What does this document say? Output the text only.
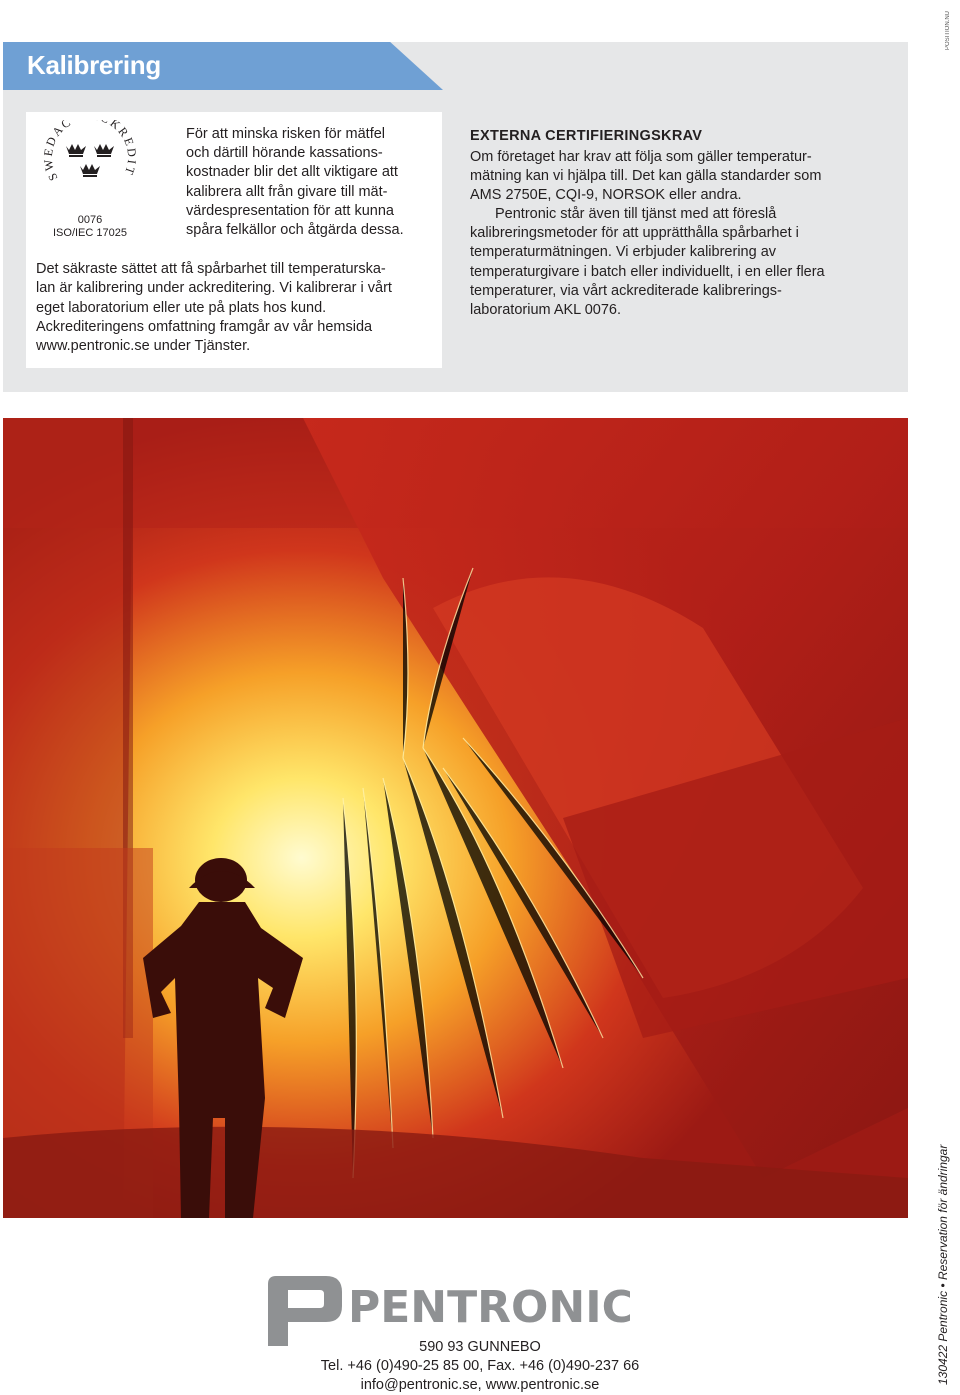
POSITION.NU
Kalibrering
SWEDAC KREDIT
0076
ISO/IEC 17025

För att minska risken för mätfel
och därtill hörande kassations-
kostnader blir det allt viktigare att
kalibrera allt från givare till mät-
värdespresentation för att kunna
spåra felkällor och åtgärda dessa.

Det säkraste sättet att få spårbarhet till temperaturska-
lan är kalibrering under ackreditering. Vi kalibrerar i vårt
eget laboratorium eller ute på plats hos kund.
Ackrediteringens omfattning framgår av vår hemsida
www.pentronic.se under Tjänster.

EXTERNA CERTIFIERINGSKRAV

Om företaget har krav att följa som gäller temperatur-
mätning kan vi hjälpa till. Det kan gälla standarder som
AMS 2750E, CQI-9, NORSOK eller andra.

Pentronic står även till tjänst med att föreslå
kalibreringsmetoder för att upprätthålla spårbarhet i
temperaturmätningen. Vi erbjuder kalibrering av
temperaturgivare i batch eller individuellt, i en eller flera
temperaturer, via vårt ackrediterade kalibrerings-
laboratorium AKL 0076.

PENTRONIC
590 93 GUNNEBO
Tel. +46 (0)490-25 85 00, Fax. +46 (0)490-237 66
info@pentronic.se, www.pentronic.se	130422 Pentronic • Reservation för ändringar
